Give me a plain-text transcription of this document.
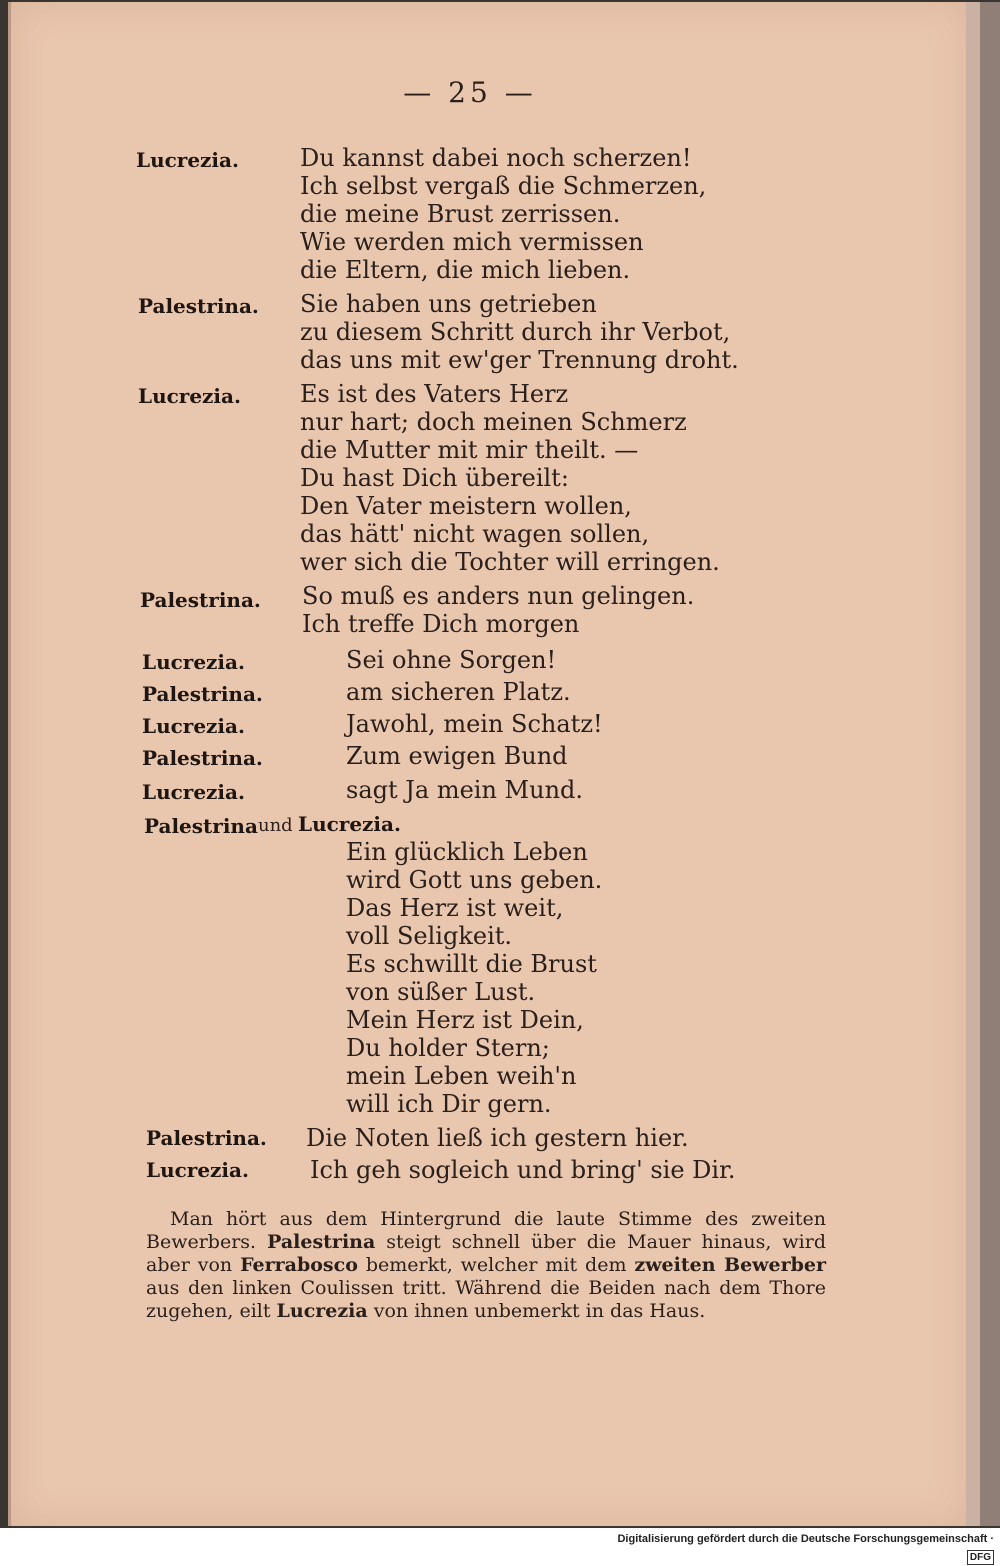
— 25 —
Lucrezia.
Palestrina.
Lucrezia.
Palestrina.
Lucrezia.
Palestrina.
Lucrezia.
Palestrina.
Lucrezia.
Palestrina und Lucrezia.
Palestrina.
Lucrezia.
Du kannst dabei noch scherzen!
Ich selbst vergaß die Schmerzen,
die meine Brust zerrissen.
Wie werden mich vermissen
die Eltern, die mich lieben.
Sie haben uns getrieben
zu diesem Schritt durch ihr Verbot,
das uns mit ew'ger Trennung droht.
Es ist des Vaters Herz
nur hart; doch meinen Schmerz
die Mutter mit mir theilt. —
Du hast Dich übereilt:
Den Vater meistern wollen,
das hätt' nicht wagen sollen,
wer sich die Tochter will erringen.
So muß es anders nun gelingen.
Ich treffe Dich morgen
Sei ohne Sorgen!
am sicheren Platz.
Jawohl, mein Schatz!
Zum ewigen Bund
sagt Ja mein Mund.
Ein glücklich Leben
wird Gott uns geben.
Das Herz ist weit,
voll Seligkeit.
Es schwillt die Brust
von süßer Lust.
Mein Herz ist Dein,
Du holder Stern;
mein Leben weih'n
will ich Dir gern.
Die Noten ließ ich gestern hier.
Ich geh sogleich und bring' sie Dir.
Man hört aus dem Hintergrund die laute Stimme des zweiten Bewerbers. Palestrina steigt schnell über die Mauer hinaus, wird aber von Ferrabosco bemerkt, welcher mit dem zweiten Bewerber aus den linken Coulissen tritt. Während die Beiden nach dem Thore zugehen, eilt Lucrezia von ihnen unbemerkt in das Haus.
Digitalisierung gefördert durch die Deutsche Forschungsgemeinschaft · DFG
